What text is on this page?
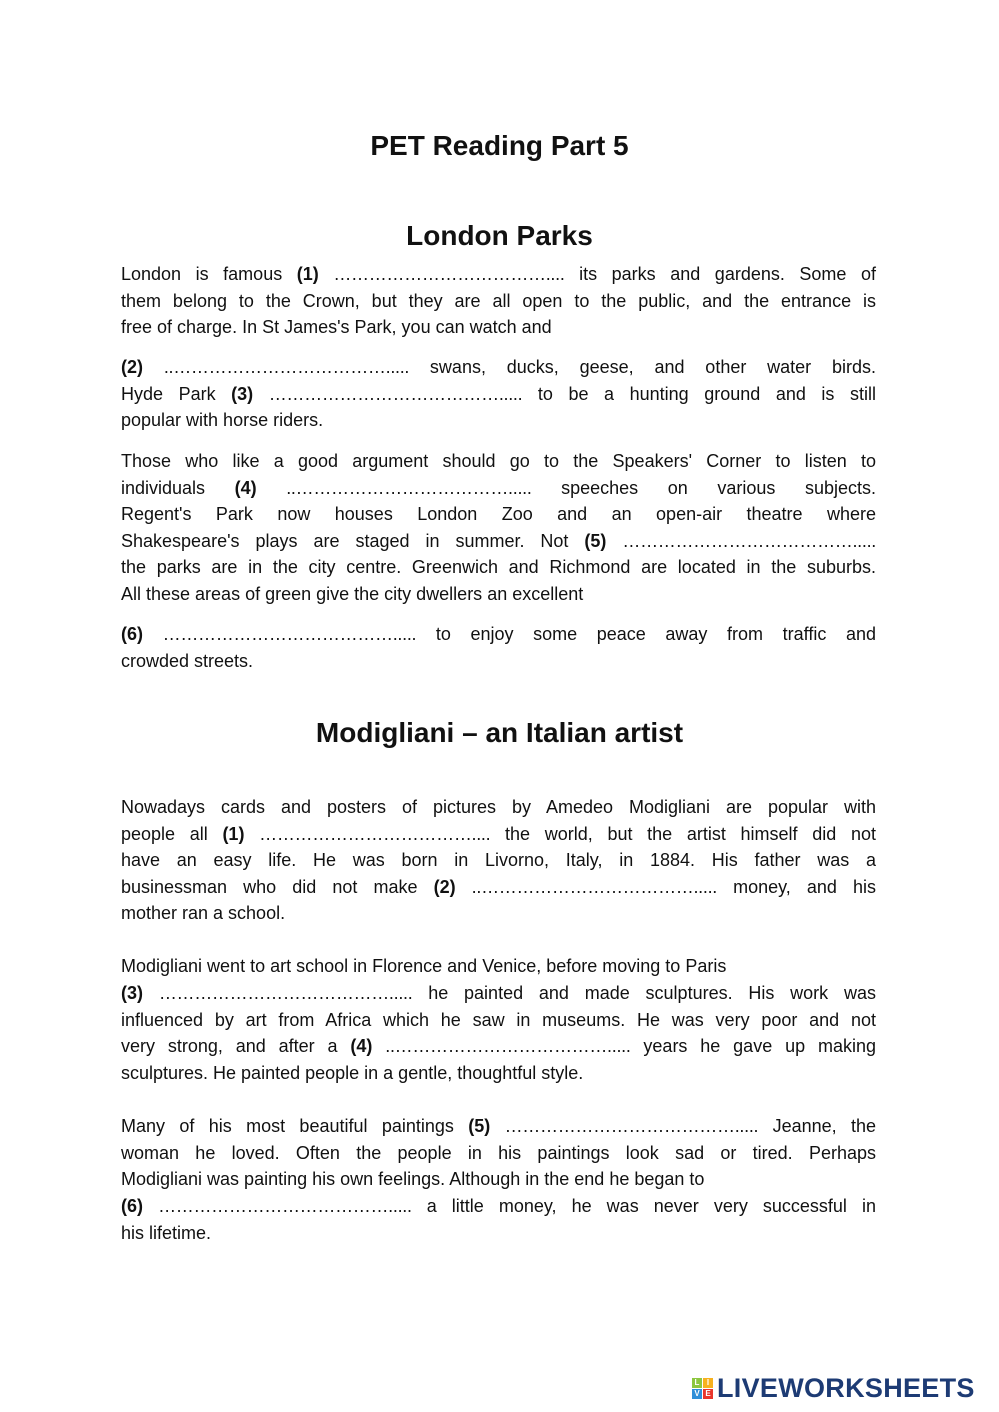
PET Reading Part 5
London Parks
Modigliani – an Italian artist
London is famous (1) ……………………………….... its parks and gardens. Some of
them belong to the Crown, but they are all open to the public, and the entrance is
free of charge. In St James's Park, you can watch and
(2) ..………………………………..... swans, ducks, geese, and other water birds.
Hyde Park (3) …………………………………..... to be a hunting ground and is still
popular with horse riders.
Those who like a good argument should go to the Speakers' Corner to listen to
individuals (4) ..………………………………..... speeches on various subjects.
Regent's Park now houses London Zoo and an open-air theatre where
Shakespeare's plays are staged in summer. Not (5) ………………………………….....
the parks are in the city centre. Greenwich and Richmond are located in the suburbs.
All these areas of green give the city dwellers an excellent
(6) …………………………………..... to enjoy some peace away from traffic and
crowded streets.
Nowadays cards and posters of pictures by Amedeo Modigliani are popular with
people all (1) ……………………………….... the world, but the artist himself did not
have an easy life. He was born in Livorno, Italy, in 1884. His father was a
businessman who did not make (2) ..………………………………..... money, and his
mother ran a school.
Modigliani went to art school in Florence and Venice, before moving to Paris
(3) …………………………………..... he painted and made sculptures. His work was
influenced by art from Africa which he saw in museums. He was very poor and not
very strong, and after a (4) ..………………………………..... years he gave up making
sculptures. He painted people in a gentle, thoughtful style.
Many of his most beautiful paintings (5) …………………………………..... Jeanne, the
woman he loved. Often the people in his paintings look sad or tired. Perhaps
Modigliani was painting his own feelings. Although in the end he began to
(6) …………………………………..... a little money, he was never very successful in
his lifetime.
L I
V E LIVEWORKSHEETS
